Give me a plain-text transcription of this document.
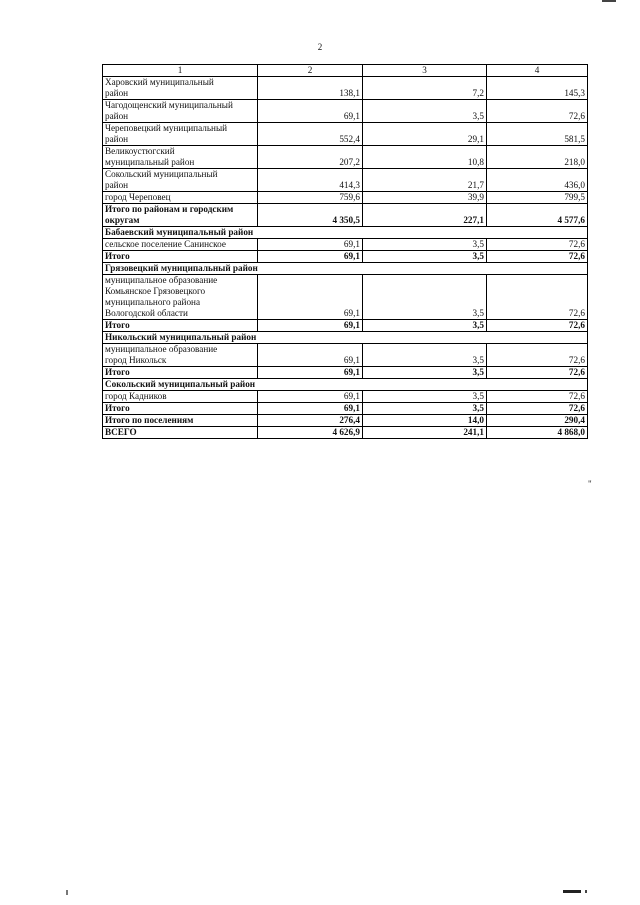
2
1	2	3	4
Харовский муниципальный
район	138,1	7,2	145,3
Чагодощенский муниципальный
район	69,1	3,5	72,6
Череповецкий муниципальный
район	552,4	29,1	581,5
Великоустюгский
муниципальный район	207,2	10,8	218,0
Сокольский муниципальный
район	414,3	21,7	436,0
город Череповец	759,6	39,9	799,5
Итого по районам и городским
округам	4 350,5	227,1	4 577,6
Бабаевский муниципальный район			
сельское поселение Санинское	69,1	3,5	72,6
Итого	69,1	3,5	72,6
Грязовецкий муниципальный район			
муниципальное образование
Комьянское Грязовецкого
муниципального района
Вологодской области	69,1	3,5	72,6
Итого	69,1	3,5	72,6
Никольский муниципальный район			
муниципальное образование
город Никольск	69,1	3,5	72,6
Итого	69,1	3,5	72,6
Сокольский муниципальный район			
город Кадников	69,1	3,5	72,6
Итого	69,1	3,5	72,6
Итого по поселениям	276,4	14,0	290,4
ВСЕГО	4 626,9	241,1	4 868,0
"
